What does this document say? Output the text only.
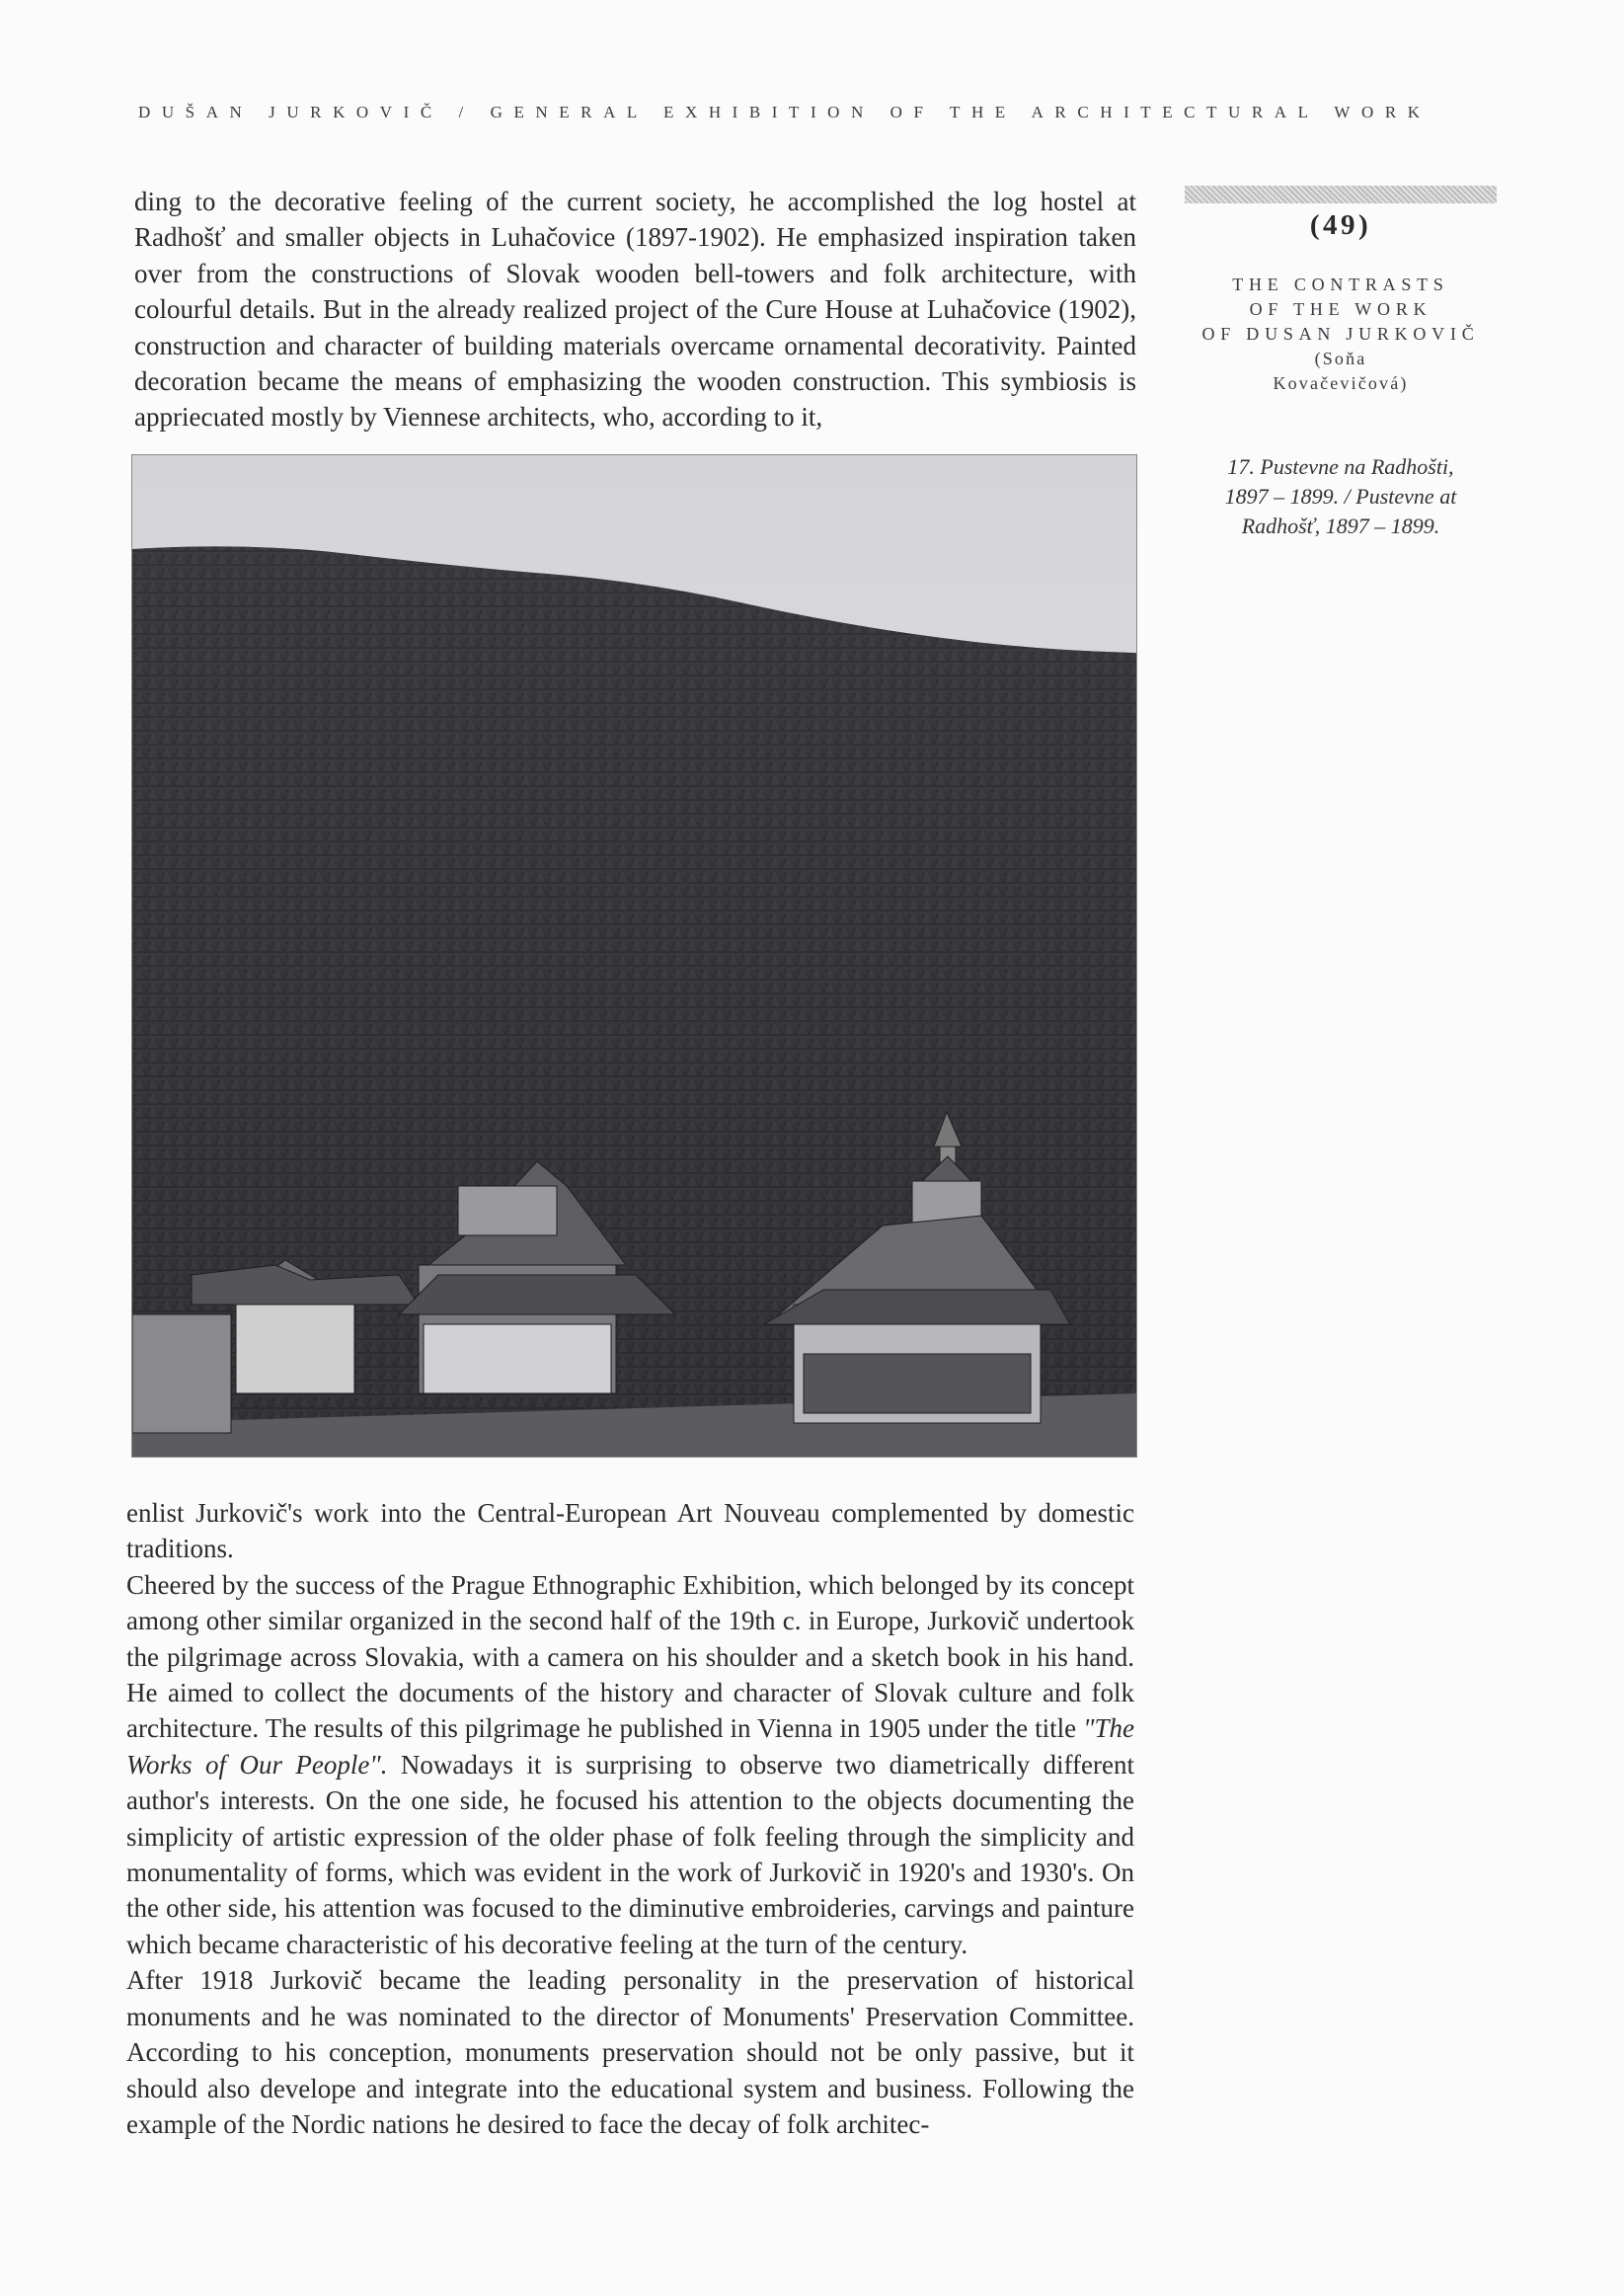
DUŠAN JURKOVIČ / GENERAL EXHIBITION OF THE ARCHITECTURAL WORK

ding to the decorative feeling of the current society, he accomplished the log hostel at Radhošť and smaller objects in Luhačovice (1897-1902). He emphasized inspiration taken over from the constructions of Slovak wooden bell-towers and folk architecture, with colourful details. But in the already realized project of the Cure House at Luhačovice (1902), construction and character of building materials overcame ornamental decorativity. Painted decoration became the means of emphasizing the wooden construction. This symbiosis is appriecιated mostly by Viennese architects, who, according to it,

(49)
THE CONTRASTS
OF THE WORK
OF DUSAN JURKOVIČ
(Soňa
Kovačevičová)
17. Pustevne na Radhošti,
1897 – 1899. / Pustevne at
Radhošť, 1897 – 1899.

enlist Jurkovič's work into the Central-European Art Nouveau complemented by domestic traditions.

Cheered by the success of the Prague Ethnographic Exhibition, which belonged by its concept among other similar organized in the second half of the 19th c. in Europe, Jurkovič undertook the pilgrimage across Slovakia, with a camera on his shoulder and a sketch book in his hand. He aimed to collect the documents of the history and character of Slovak culture and folk architecture. The results of this pilgrimage he published in Vienna in 1905 under the title "The Works of Our People". Nowadays it is surprising to observe two diametrically different author's interests. On the one side, he focused his attention to the objects documenting the simplicity of artistic expression of the older phase of folk feeling through the simplicity and monumentality of forms, which was evident in the work of Jurkovič in 1920's and 1930's. On the other side, his attention was focused to the diminutive embroideries, carvings and painture which became characteristic of his decorative feeling at the turn of the century.

After 1918 Jurkovič became the leading personality in the preservation of historical monuments and he was nominated to the director of Monuments' Preservation Committee. According to his conception, monuments preservation should not be only passive, but it should also develope and integrate into the educational system and business. Following the example of the Nordic nations he desired to face the decay of folk architec-
